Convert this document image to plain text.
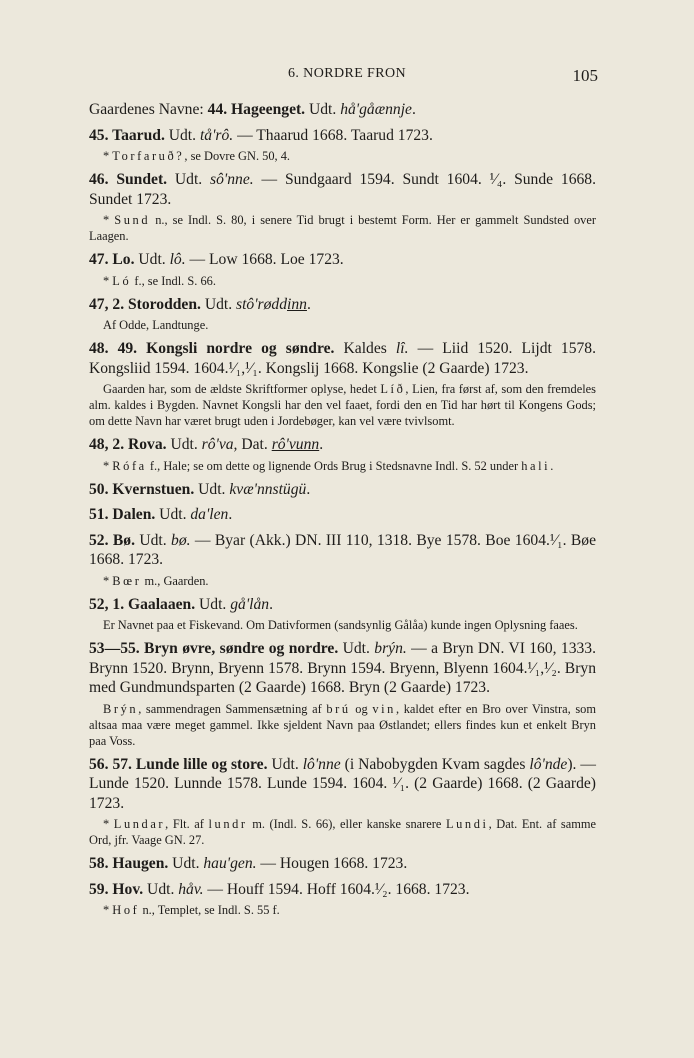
6. NORDRE FRON	105

Gaardenes Navne: 44. Hageenget. Udt. hå'gåænnje.

45. Taarud. Udt. tå'rô. — Thaarud 1668. Taarud 1723.

* Torfaruð?, se Dovre GN. 50, 4.

46. Sundet. Udt. sô'nne. — Sundgaard 1594. Sundt 1604. ¹⁄₄. Sunde 1668. Sundet 1723.

* Sund n., se Indl. S. 80, i senere Tid brugt i bestemt Form. Her er gammelt Sundsted over Laagen.

47. Lo. Udt. lô. — Low 1668. Loe 1723.

* Ló f., se Indl. S. 66.

47, 2. Storodden. Udt. stô'røddinn.

Af Odde, Landtunge.

48. 49. Kongsli nordre og søndre. Kaldes lî. — Liid 1520. Lijdt 1578. Kongsliid 1594. 1604.¹⁄₁,¹⁄₁. Kongslij 1668. Kongslie (2 Gaarde) 1723.

Gaarden har, som de ældste Skriftformer oplyse, hedet Líð, Lien, fra først af, som den fremdeles alm. kaldes i Bygden. Navnet Kongsli har den vel faaet, fordi den en Tid har hørt til Kongens Gods; om dette Navn har været brugt uden i Jordebøger, kan vel være tvivlsomt.

48, 2. Rova. Udt. rô'va, Dat. rô'vunn.

* Rófa f., Hale; se om dette og lignende Ords Brug i Stedsnavne Indl. S. 52 under hali.

50. Kvernstuen. Udt. kvæ'nnstügü.

51. Dalen. Udt. da'len.

52. Bø. Udt. bø. — Byar (Akk.) DN. III 110, 1318. Bye 1578. Boe 1604.¹⁄₁. Bøe 1668. 1723.

* Bœr m., Gaarden.

52, 1. Gaalaaen. Udt. gå'lån.

Er Navnet paa et Fiskevand. Om Dativformen (sandsynlig Gålåa) kunde ingen Oplysning faaes.

53—55. Bryn øvre, søndre og nordre. Udt. brýn. — a Bryn DN. VI 160, 1333. Brynn 1520. Brynn, Bryenn 1578. Brynn 1594. Bryenn, Blyenn 1604.¹⁄₁,¹⁄₂. Bryn med Gundmundsparten (2 Gaarde) 1668. Bryn (2 Gaarde) 1723.

Brýn, sammendragen Sammensætning af brú og vin, kaldet efter en Bro over Vinstra, som altsaa maa være meget gammel. Ikke sjeldent Navn paa Østlandet; ellers findes kun et enkelt Bryn paa Voss.

56. 57. Lunde lille og store. Udt. lô'nne (i Nabobygden Kvam sagdes lô'nde). — Lunde 1520. Lunnde 1578. Lunde 1594. 1604. ¹⁄₁. (2 Gaarde) 1668. (2 Gaarde) 1723.

* Lundar, Flt. af lundr m. (Indl. S. 66), eller kanske snarere Lundi, Dat. Ent. af samme Ord, jfr. Vaage GN. 27.

58. Haugen. Udt. hau'gen. — Hougen 1668. 1723.

59. Hov. Udt. håv. — Houff 1594. Hoff 1604.¹⁄₂. 1668. 1723.

* Hof n., Templet, se Indl. S. 55 f.
